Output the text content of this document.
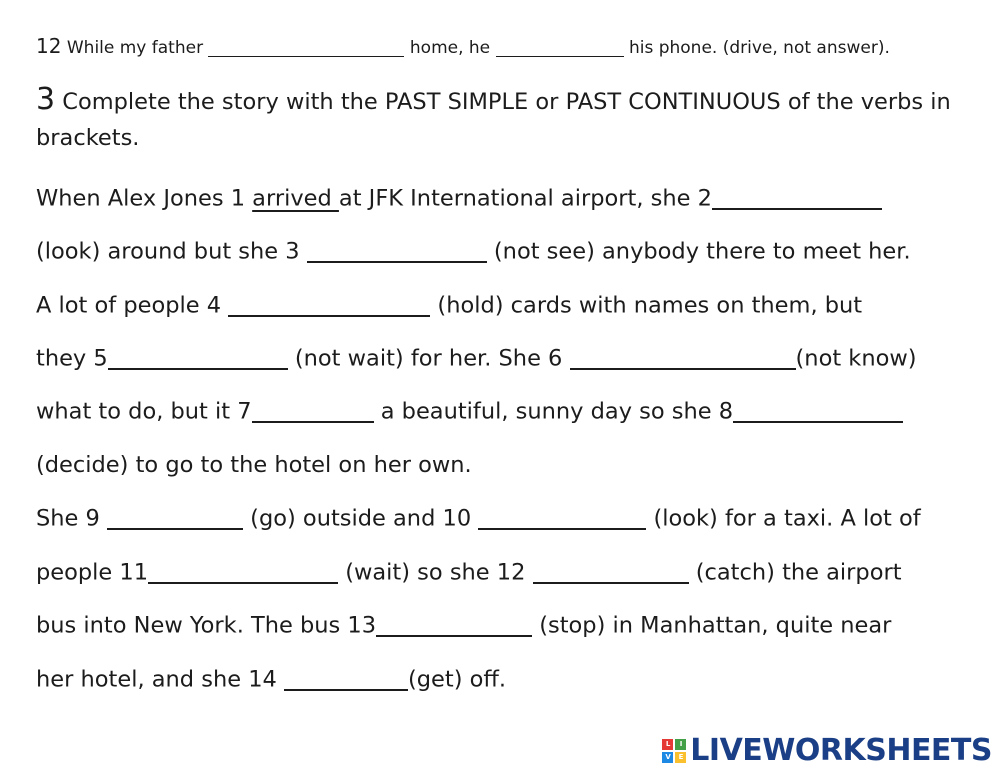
12 While my father	home, he	his phone. (drive, not answer).
3 Complete the story with the PAST SIMPLE or PAST CONTINUOUS of the verbs in brackets.
When Alex Jones 1 arrived at JFK International airport, she 2
(look) around but she 3	(not see) anybody there to meet her.
A lot of people 4	(hold) cards with names on them, but
they 5	(not wait) for her. She 6	(not know)
what to do, but it 7	a beautiful, sunny day so she 8
(decide) to go to the hotel on her own.
She 9	(go) outside and 10	(look) for a taxi. A lot of
people 11	(wait) so she 12	(catch) the airport
bus into New York. The bus 13	(stop) in Manhattan, quite near
her hotel, and she 14	(get) off.
L	I
V	E LIVEWORKSHEETS
